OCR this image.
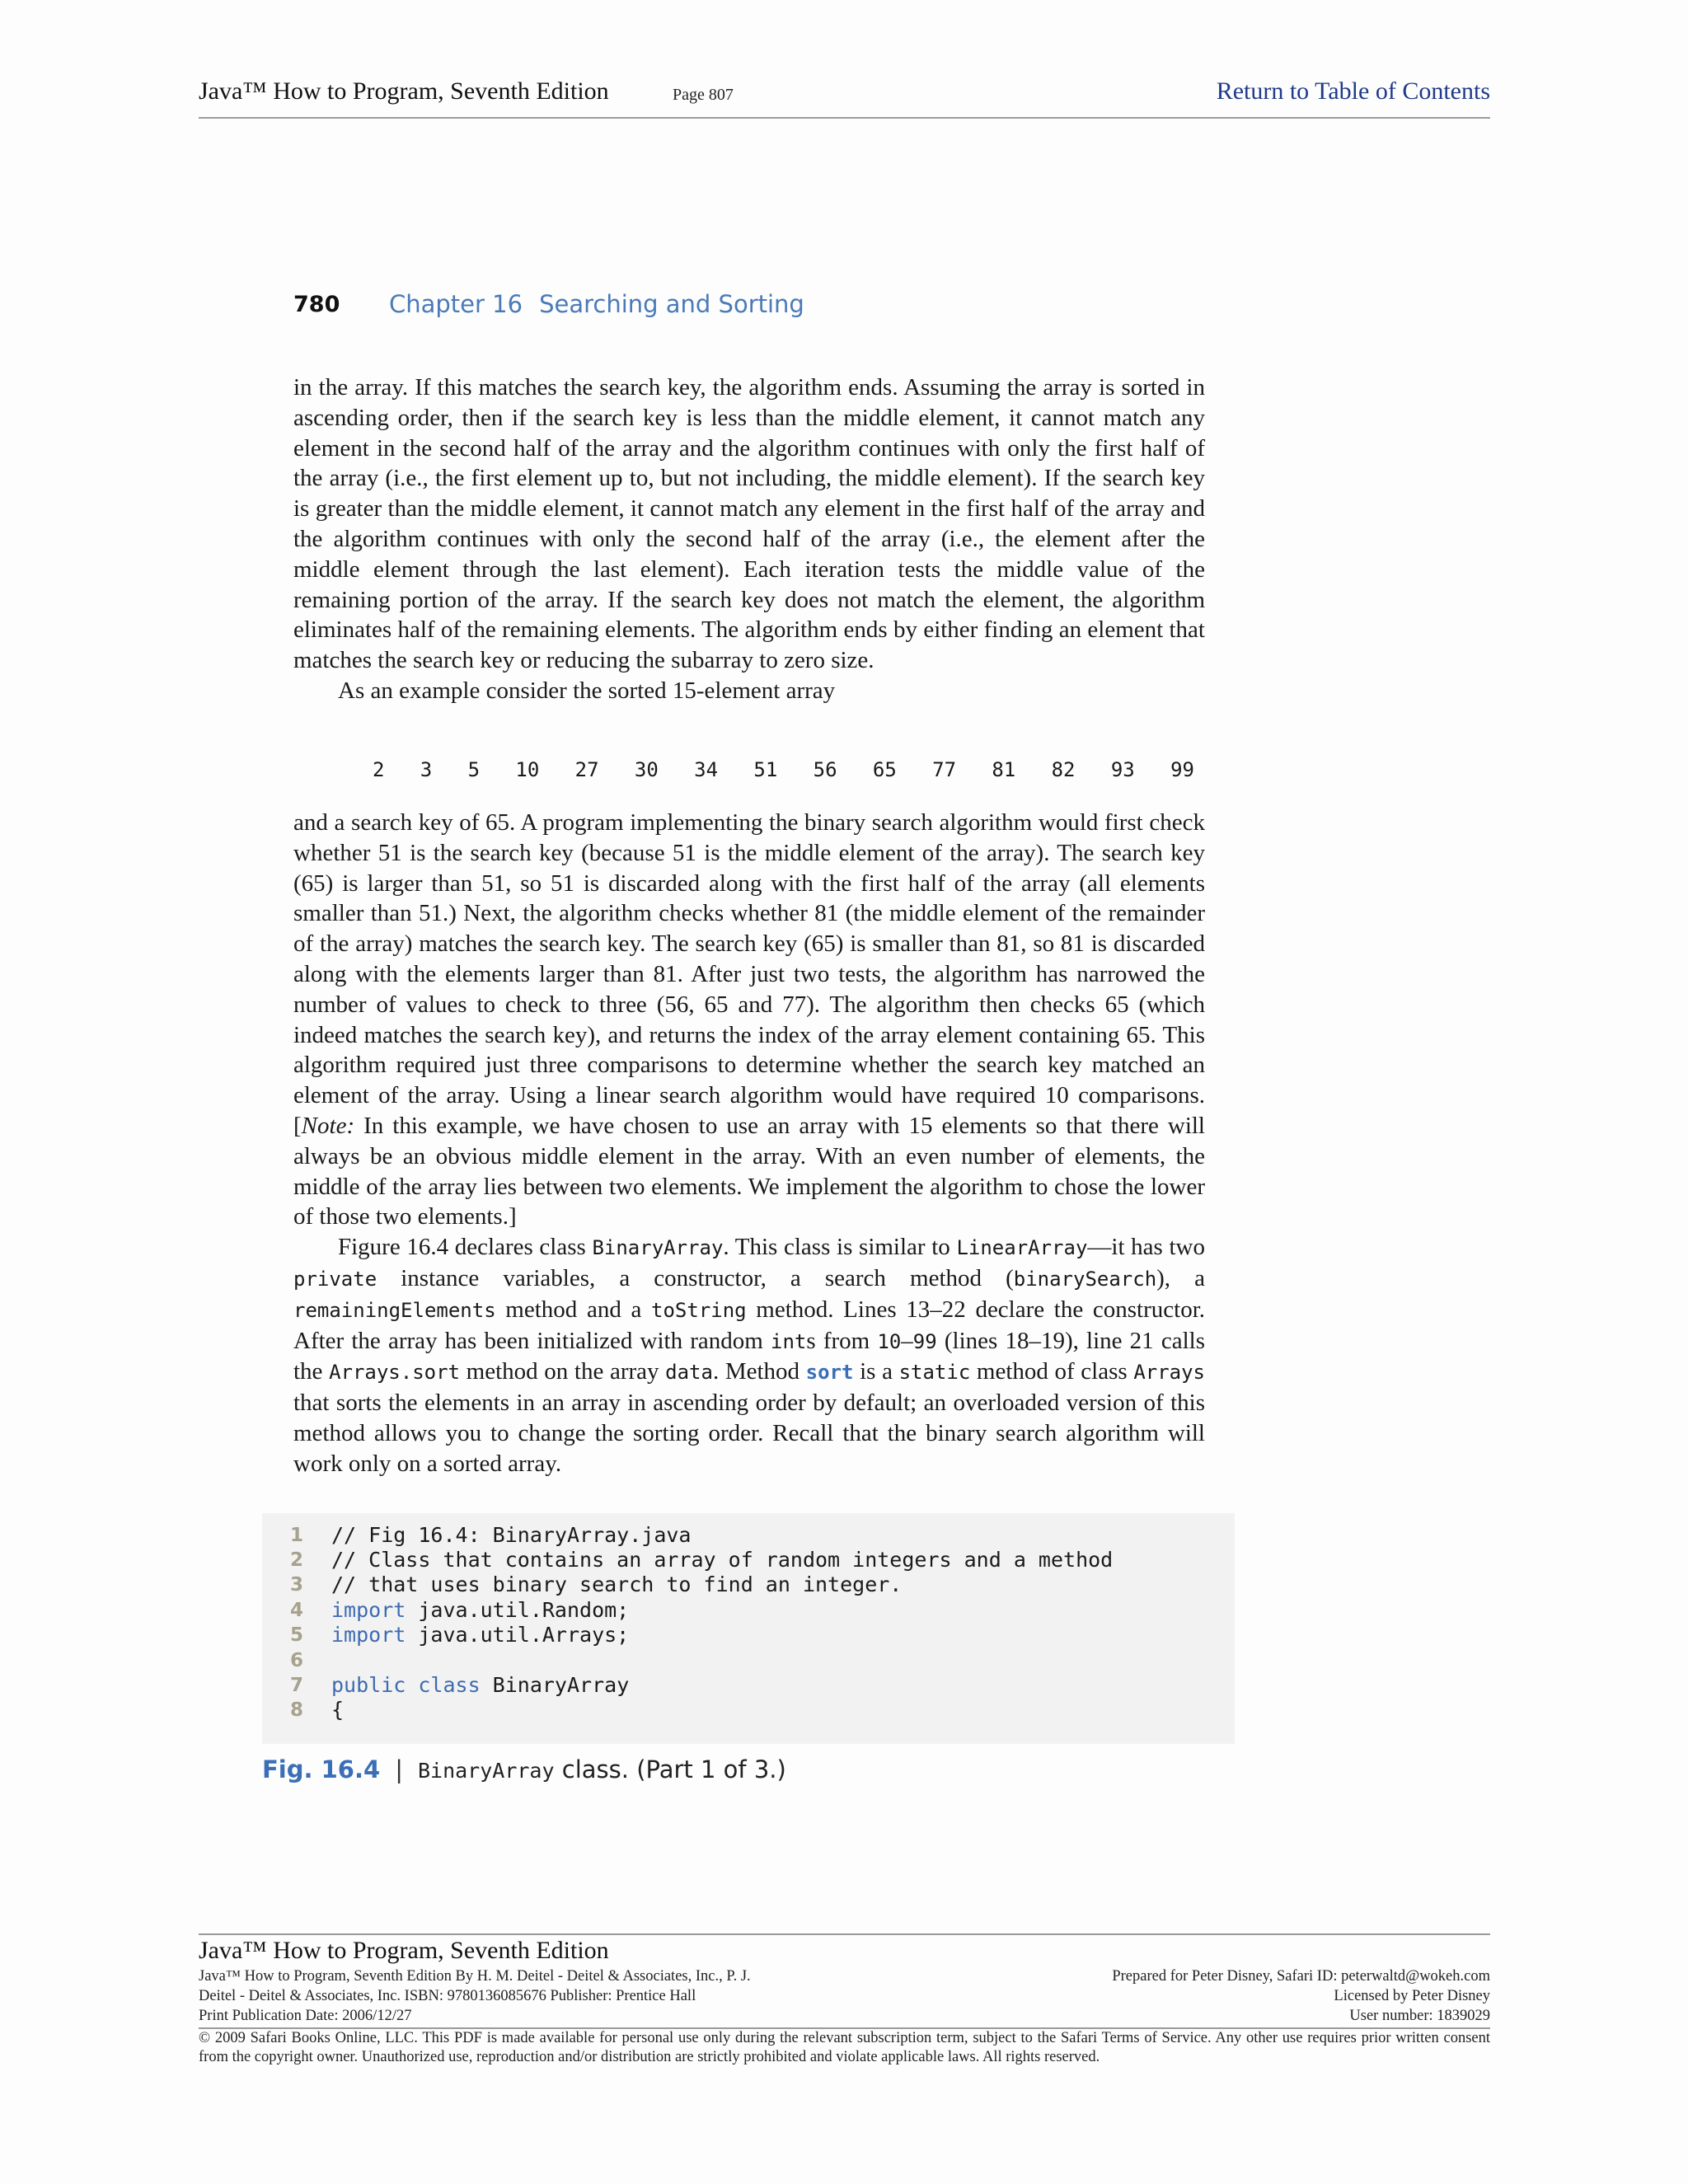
Java™ How to Program, Seventh Edition	Page 807	Return to Table of Contents
780 Chapter 16 Searching and Sorting

in the array. If this matches the search key, the algorithm ends. Assuming the array is sorted in ascending order, then if the search key is less than the middle element, it cannot match any element in the second half of the array and the algorithm continues with only the first half of the array (i.e., the first element up to, but not including, the middle element). If the search key is greater than the middle element, it cannot match any element in the first half of the array and the algorithm continues with only the second half of the array (i.e., the element after the middle element through the last element). Each iteration tests the middle value of the remaining portion of the array. If the search key does not match the element, the algorithm eliminates half of the remaining elements. The algorithm ends by either finding an element that matches the search key or reducing the subarray to zero size.

As an example consider the sorted 15-element array

2   3   5   10   27   30   34   51   56   65   77   81   82   93   99

and a search key of 65. A program implementing the binary search algorithm would first check whether 51 is the search key (because 51 is the middle element of the array). The search key (65) is larger than 51, so 51 is discarded along with the first half of the array (all elements smaller than 51.) Next, the algorithm checks whether 81 (the middle element of the remainder of the array) matches the search key. The search key (65) is smaller than 81, so 81 is discarded along with the elements larger than 81. After just two tests, the algorithm has narrowed the number of values to check to three (56, 65 and 77). The algorithm then checks 65 (which indeed matches the search key), and returns the index of the array element containing 65. This algorithm required just three comparisons to determine whether the search key matched an element of the array. Using a linear search algorithm would have required 10 comparisons. [Note: In this example, we have chosen to use an array with 15 elements so that there will always be an obvious middle element in the array. With an even number of elements, the middle of the array lies between two elements. We implement the algorithm to chose the lower of those two elements.]

Figure 16.4 declares class BinaryArray. This class is similar to LinearArray—it has two private instance variables, a constructor, a search method (binarySearch), a remainingElements method and a toString method. Lines 13–22 declare the constructor. After the array has been initialized with random ints from 10–99 (lines 18–19), line 21 calls the Arrays.sort method on the array data. Method sort is a static method of class Arrays that sorts the elements in an array in ascending order by default; an overloaded version of this method allows you to change the sorting order. Recall that the binary search algorithm will work only on a sorted array.

1 // Fig 16.4: BinaryArray.java
2 // Class that contains an array of random integers and a method
3 // that uses binary search to find an integer.
4 import java.util.Random;
5 import java.util.Arrays;
6
7 public class BinaryArray
8 {
Fig. 16.4 | BinaryArray class. (Part 1 of 3.)
Java™ How to Program, Seventh Edition
Java™ How to Program, Seventh Edition By H. M. Deitel - Deitel & Associates, Inc., P. J.
Deitel - Deitel & Associates, Inc. ISBN: 9780136085676 Publisher: Prentice Hall
Print Publication Date: 2006/12/27
Prepared for Peter Disney, Safari ID: peterwaltd@wokeh.com
Licensed by Peter Disney
User number: 1839029
© 2009 Safari Books Online, LLC. This PDF is made available for personal use only during the relevant subscription term, subject to the Safari Terms of Service. Any other use requires prior written consent from the copyright owner. Unauthorized use, reproduction and/or distribution are strictly prohibited and violate applicable laws. All rights reserved.
